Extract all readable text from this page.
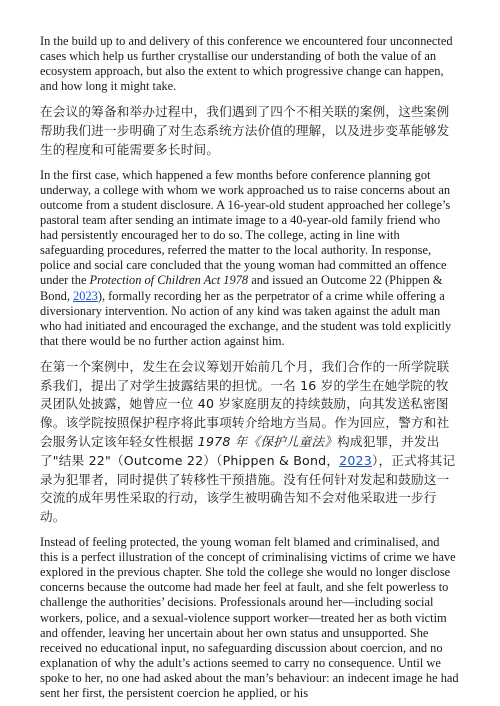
In the build up to and delivery of this conference we encountered four unconnected cases which help us further crystallise our understanding of both the value of an ecosystem approach, but also the extent to which progressive change can happen, and how long it might take.

在会议的筹备和举办过程中，我们遇到了四个不相关联的案例，这些案例帮助我们进一步明确了对生态系统方法价值的理解，以及进步变革能够发生的程度和可能需要多长时间。

In the first case, which happened a few months before conference planning got underway, a college with whom we work approached us to raise concerns about an outcome from a student disclosure. A 16-year-old student approached her college’s pastoral team after sending an intimate image to a 40-year-old family friend who had persistently encouraged her to do so. The college, acting in line with safeguarding procedures, referred the matter to the local authority. In response, police and social care concluded that the young woman had committed an offence under the Protection of Children Act 1978 and issued an Outcome 22 (Phippen & Bond, 2023), formally recording her as the perpetrator of a crime while offering a diversionary intervention. No action of any kind was taken against the adult man who had initiated and encouraged the exchange, and the student was told explicitly that there would be no further action against him.

在第一个案例中，发生在会议筹划开始前几个月，我们合作的一所学院联系我们，提出了对学生披露结果的担忧。一名 16 岁的学生在她学院的牧灵团队处披露，她曾应一位 40 岁家庭朋友的持续鼓励，向其发送私密图像。该学院按照保护程序将此事项转介给地方当局。作为回应，警方和社会服务认定该年轻女性根据 1978 年《保护儿童法》构成犯罪，并发出了"结果 22"（Outcome 22）（Phippen & Bond，2023），正式将其记录为犯罪者，同时提供了转移性干预措施。没有任何针对发起和鼓励这一交流的成年男性采取的行动，该学生被明确告知不会对他采取进一步行动。

Instead of feeling protected, the young woman felt blamed and criminalised, and this is a perfect illustration of the concept of criminalising victims of crime we have explored in the previous chapter. She told the college she would no longer disclose concerns because the outcome had made her feel at fault, and she felt powerless to challenge the authorities’ decisions. Professionals around her—including social workers, police, and a sexual-violence support worker—treated her as both victim and offender, leaving her uncertain about her own status and unsupported. She received no educational input, no safeguarding discussion about coercion, and no explanation of why the adult’s actions seemed to carry no consequence. Until we spoke to her, no one had asked about the man’s behaviour: an indecent image he had sent her first, the persistent coercion he applied, or his
